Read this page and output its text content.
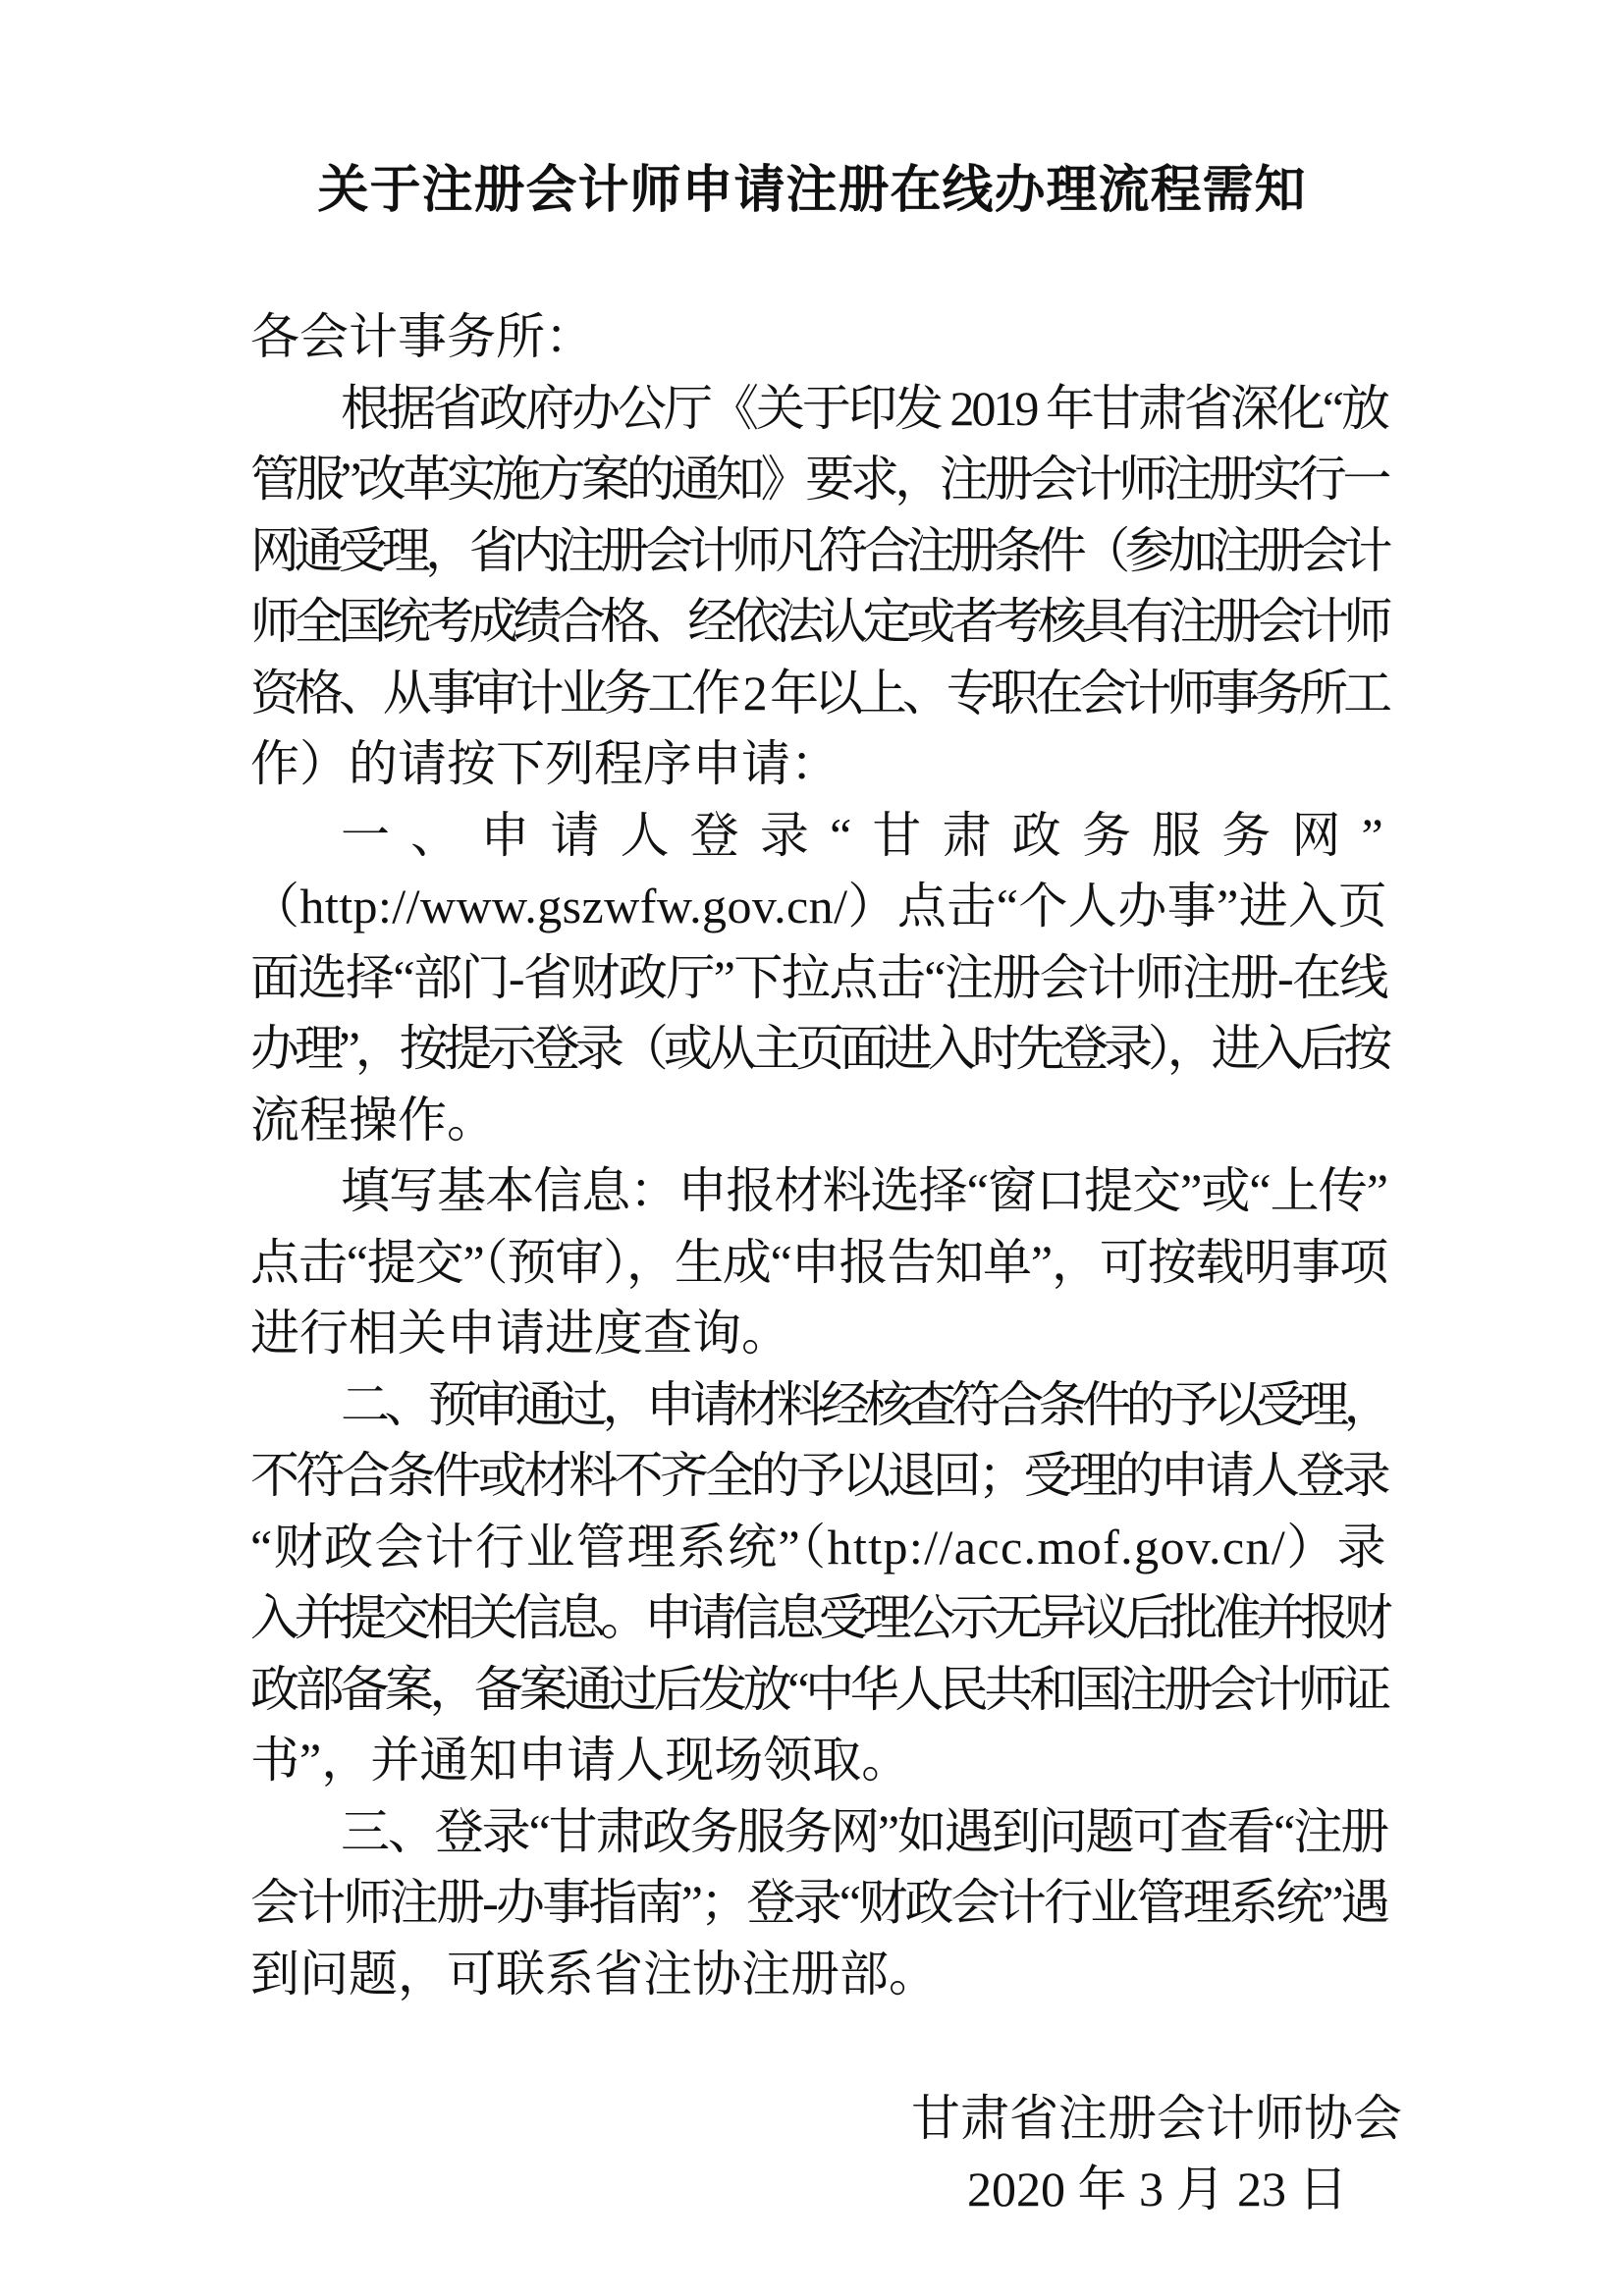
关于注册会计师申请注册在线办理流程需知
各会计事务所：
根据省政府办公厅《关于印发 2019 年甘肃省深化“放
管服”改革实施方案的通知》要求，注册会计师注册实行一
网通受理，省内注册会计师凡符合注册条件（参加注册会计
师全国统考成绩合格、经依法认定或者考核具有注册会计师
资格、从事审计业务工作 2 年以上、专职在会计师事务所工
作）的请按下列程序申请：
一 、 申 请 人 登 录 “ 甘 肃 政 务 服 务 网 ”
（http://www.gszwfw.gov.cn/）点击“个人办事”进入页
面选择“部门-省财政厅”下拉点击“注册会计师注册-在线
办理”，按提示登录（或从主页面进入时先登录），进入后按
流程操作。
填写基本信息：申报材料选择“窗口提交”或“上传”
点击“提交”（预审），生成“申报告知单”，可按载明事项
进行相关申请进度查询。
二、预审通过，申请材料经核查符合条件的予以受理，
不符合条件或材料不齐全的予以退回；受理的申请人登录
“财政会计行业管理系统”（http://acc.mof.gov.cn/）录
入并提交相关信息。申请信息受理公示无异议后批准并报财
政部备案，备案通过后发放“中华人民共和国注册会计师证
书”，并通知申请人现场领取。
三、登录“甘肃政务服务网”如遇到问题可查看“注册
会计师注册-办事指南”；登录“财政会计行业管理系统”遇
到问题，可联系省注协注册部。
甘肃省注册会计师协会
2020 年 3 月 23 日
